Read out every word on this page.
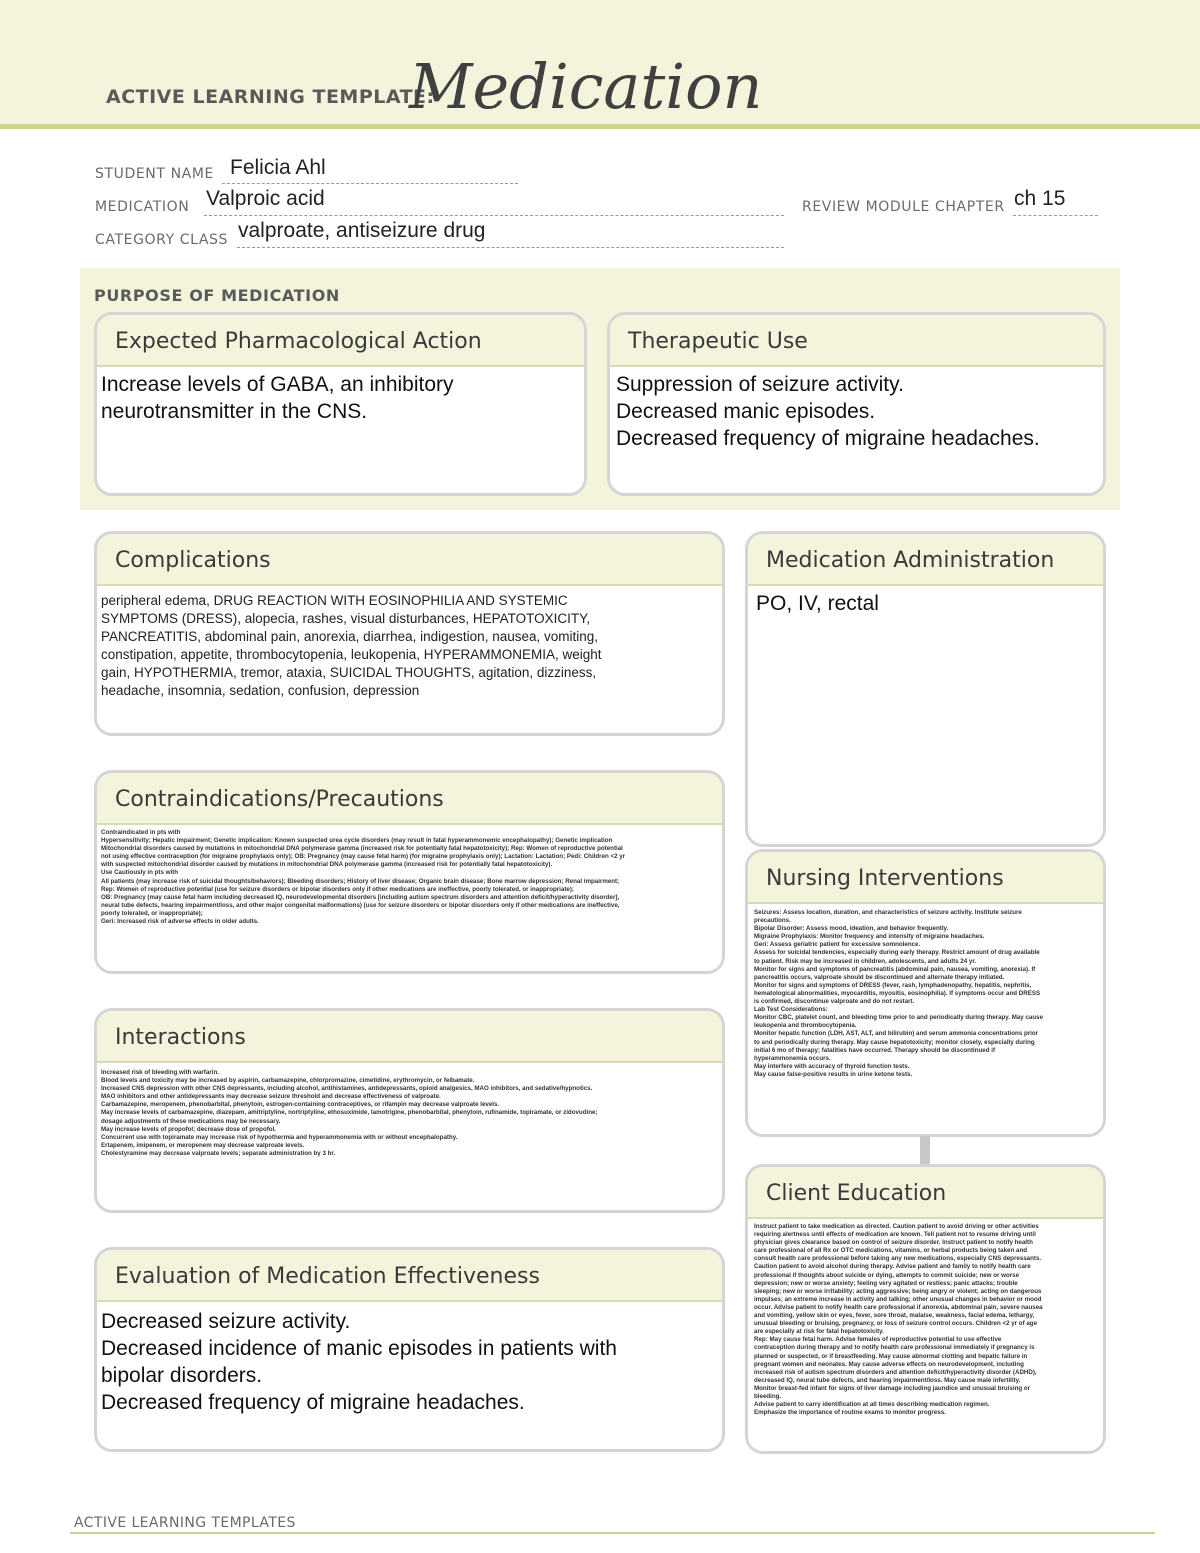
ACTIVE LEARNING TEMPLATE:
Medication
STUDENT NAME Felicia Ahl
MEDICATION Valproic acid	REVIEW MODULE CHAPTER ch 15
CATEGORY CLASS valproate, antiseizure drug
PURPOSE OF MEDICATION
Expected Pharmacological Action
Increase levels of GABA, an inhibitory
neurotransmitter in the CNS.
Therapeutic Use
Suppression of seizure activity.
Decreased manic episodes.
Decreased frequency of migraine headaches.
Complications
peripheral edema, DRUG REACTION WITH EOSINOPHILIA AND SYSTEMIC
SYMPTOMS (DRESS), alopecia, rashes, visual disturbances, HEPATOTOXICITY,
PANCREATITIS, abdominal pain, anorexia, diarrhea, indigestion, nausea, vomiting,
constipation, appetite, thrombocytopenia, leukopenia, HYPERAMMONEMIA, weight
gain, HYPOTHERMIA, tremor, ataxia, SUICIDAL THOUGHTS, agitation, dizziness,
headache, insomnia, sedation, confusion, depression
Medication Administration
PO, IV, rectal
Contraindications/Precautions
Contraindicated in pts with
Hypersensitivity; Hepatic impairment; Genetic implication: Known suspected urea cycle disorders (may result in fatal hyperammonemic encephalopathy); Genetic implication
Mitochondrial disorders caused by mutations in mitochondrial DNA polymerase gamma (increased risk for potentially fatal hepatotoxicity); Rep: Women of reproductive potential
not using effective contraception (for migraine prophylaxis only); OB: Pregnancy (may cause fetal harm) (for migraine prophylaxis only); Lactation: Lactation; Pedi: Children <2 yr
with suspected mitochondrial disorder caused by mutations in mitochondrial DNA polymerase gamma (increased risk for potentially fatal hepatotoxicity).
Use Cautiously in pts with
All patients (may increase risk of suicidal thoughts/behaviors); Bleeding disorders; History of liver disease; Organic brain disease; Bone marrow depression; Renal impairment;
Rep: Women of reproductive potential (use for seizure disorders or bipolar disorders only if other medications are ineffective, poorly tolerated, or inappropriate);
OB: Pregnancy (may cause fetal harm including decreased IQ, neurodevelopmental disorders [including autism spectrum disorders and attention deficit/hyperactivity disorder],
neural tube defects, hearing impairment/loss, and other major congenital malformations) (use for seizure disorders or bipolar disorders only if other medications are ineffective,
poorly tolerated, or inappropriate);
Geri: Increased risk of adverse effects in older adults.
Nursing Interventions
Seizures: Assess location, duration, and characteristics of seizure activity. Institute seizure
precautions.
Bipolar Disorder: Assess mood, ideation, and behavior frequently.
Migraine Prophylaxis: Monitor frequency and intensity of migraine headaches.
Geri: Assess geriatric patient for excessive somnolence.
Assess for suicidal tendencies, especially during early therapy. Restrict amount of drug available
to patient. Risk may be increased in children, adolescents, and adults 24 yr.
Monitor for signs and symptoms of pancreatitis (abdominal pain, nausea, vomiting, anorexia). If
pancreatitis occurs, valproate should be discontinued and alternate therapy initiated.
Monitor for signs and symptoms of DRESS (fever, rash, lymphadenopathy, hepatitis, nephritis,
hematological abnormalities, myocarditis, myositis, eosinophilia). If symptoms occur and DRESS
is confirmed, discontinue valproate and do not restart.
Lab Test Considerations:
Monitor CBC, platelet count, and bleeding time prior to and periodically during therapy. May cause
leukopenia and thrombocytopenia.
Monitor hepatic function (LDH, AST, ALT, and bilirubin) and serum ammonia concentrations prior
to and periodically during therapy. May cause hepatotoxicity; monitor closely, especially during
initial 6 mo of therapy; fatalities have occurred. Therapy should be discontinued if
hyperammonemia occurs.
May interfere with accuracy of thyroid function tests.
May cause false-positive results in urine ketone tests.
Interactions
Increased risk of bleeding with warfarin.
Blood levels and toxicity may be increased by aspirin, carbamazepine, chlorpromazine, cimetidine, erythromycin, or felbamate.
Increased CNS depression with other CNS depressants, including alcohol, antihistamines, antidepressants, opioid analgesics, MAO inhibitors, and sedative/hypnotics.
MAO inhibitors and other antidepressants may decrease seizure threshold and decrease effectiveness of valproate.
Carbamazepine, meropenem, phenobarbital, phenytoin, estrogen-containing contraceptives, or rifampin may decrease valproate levels.
May increase levels of carbamazepine, diazepam, amitriptyline, nortriptyline, ethosuximide, lamotrigine, phenobarbital, phenytoin, rufinamide, topiramate, or zidovudine;
dosage adjustments of these medications may be necessary.
May increase levels of propofol; decrease dose of propofol.
Concurrent use with topiramate may increase risk of hypothermia and hyperammonemia with or without encephalopathy.
Ertapenem, imipenem, or meropenem may decrease valproate levels.
Cholestyramine may decrease valproate levels; separate administration by 3 hr.
Client Education
Instruct patient to take medication as directed. Caution patient to avoid driving or other activities
requiring alertness until effects of medication are known. Tell patient not to resume driving until
physician gives clearance based on control of seizure disorder. Instruct patient to notify health
care professional of all Rx or OTC medications, vitamins, or herbal products being taken and
consult health care professional before taking any new medications, especially CNS depressants.
Caution patient to avoid alcohol during therapy. Advise patient and family to notify health care
professional if thoughts about suicide or dying, attempts to commit suicide; new or worse
depression; new or worse anxiety; feeling very agitated or restless; panic attacks; trouble
sleeping; new or worse irritability; acting aggressive; being angry or violent; acting on dangerous
impulses; an extreme increase in activity and talking; other unusual changes in behavior or mood
occur. Advise patient to notify health care professional if anorexia, abdominal pain, severe nausea
and vomiting, yellow skin or eyes, fever, sore throat, malaise, weakness, facial edema, lethargy,
unusual bleeding or bruising, pregnancy, or loss of seizure control occurs. Children <2 yr of age
are especially at risk for fatal hepatotoxicity.
Rep: May cause fetal harm. Advise females of reproductive potential to use effective
contraception during therapy and to notify health care professional immediately if pregnancy is
planned or suspected, or if breastfeeding. May cause abnormal clotting and hepatic failure in
pregnant women and neonates. May cause adverse effects on neurodevelopment, including
increased risk of autism spectrum disorders and attention deficit/hyperactivity disorder (ADHD),
decreased IQ, neural tube defects, and hearing impairment/loss. May cause male infertility.
Monitor breast-fed infant for signs of liver damage including jaundice and unusual bruising or
bleeding.
Advise patient to carry identification at all times describing medication regimen.
Emphasize the importance of routine exams to monitor progress.
Evaluation of Medication Effectiveness
Decreased seizure activity.
Decreased incidence of manic episodes in patients with
bipolar disorders.
Decreased frequency of migraine headaches.
ACTIVE LEARNING TEMPLATES
